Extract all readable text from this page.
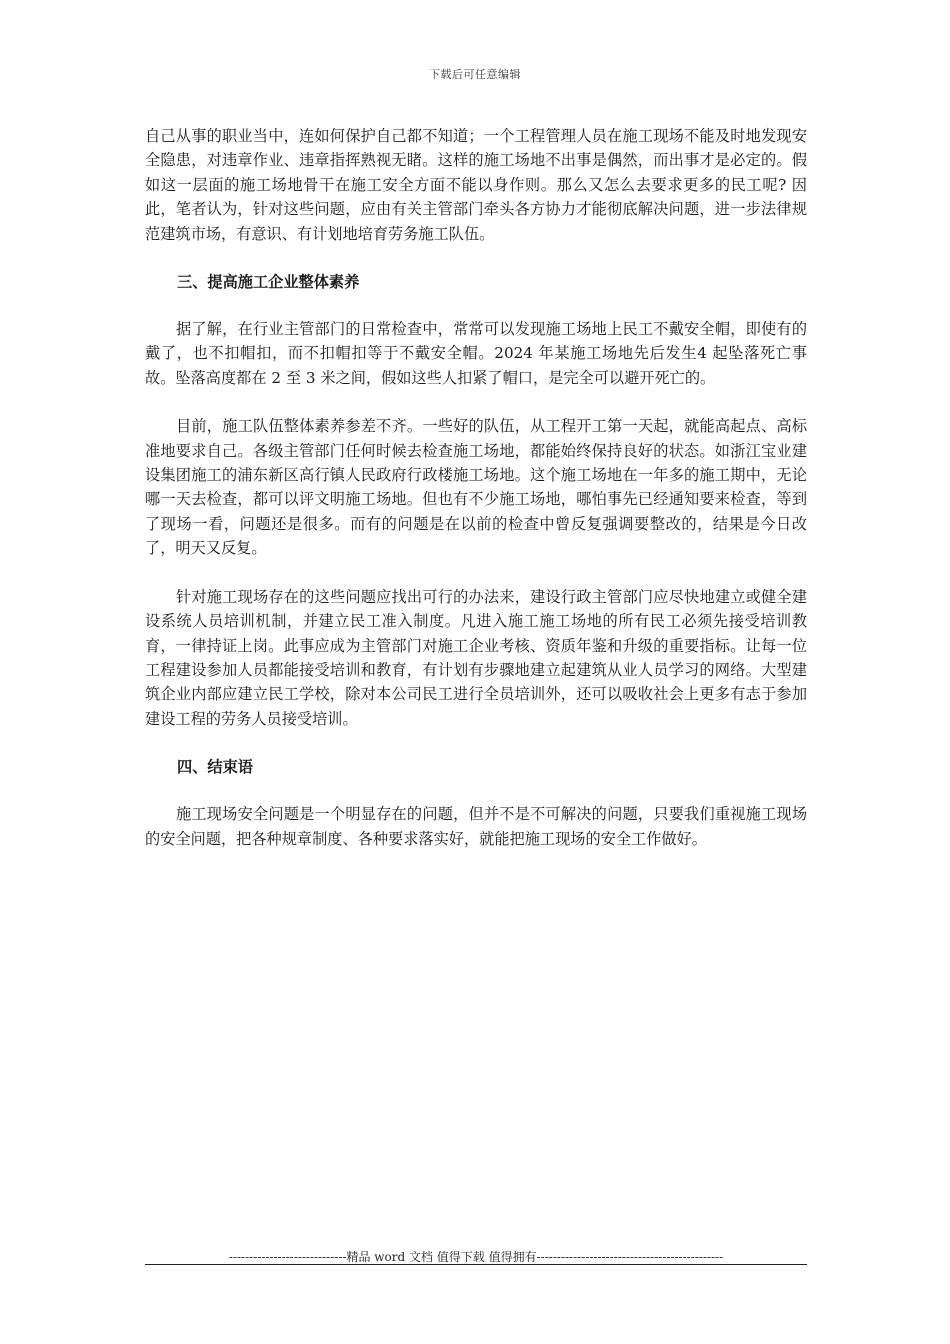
下载后可任意编辑

自己从事的职业当中，连如何保护自己都不知道；一个工程管理人员在施工现场不能及时地发现安全隐患，对违章作业、违章指挥熟视无睹。这样的施工场地不出事是偶然，而出事才是必定的。假如这一层面的施工场地骨干在施工安全方面不能以身作则。那么又怎么去要求更多的民工呢? 因此，笔者认为，针对这些问题，应由有关主管部门牵头各方协力才能彻底解决问题，进一步法律规范建筑市场，有意识、有计划地培育劳务施工队伍。

三、提高施工企业整体素养

据了解，在行业主管部门的日常检查中，常常可以发现施工场地上民工不戴安全帽，即使有的戴了，也不扣帽扣，而不扣帽扣等于不戴安全帽。2024 年某施工场地先后发生4 起坠落死亡事故。坠落高度都在 2 至 3 米之间，假如这些人扣紧了帽口，是完全可以避开死亡的。

目前，施工队伍整体素养参差不齐。一些好的队伍，从工程开工第一天起，就能高起点、高标准地要求自己。各级主管部门任何时候去检查施工场地，都能始终保持良好的状态。如浙江宝业建设集团施工的浦东新区高行镇人民政府行政楼施工场地。这个施工场地在一年多的施工期中，无论哪一天去检查，都可以评文明施工场地。但也有不少施工场地，哪怕事先已经通知要来检查，等到了现场一看，问题还是很多。而有的问题是在以前的检查中曾反复强调要整改的，结果是今日改了，明天又反复。

针对施工现场存在的这些问题应找出可行的办法来，建设行政主管部门应尽快地建立或健全建设系统人员培训机制，并建立民工准入制度。凡进入施工施工场地的所有民工必须先接受培训教育，一律持证上岗。此事应成为主管部门对施工企业考核、资质年鉴和升级的重要指标。让每一位工程建设参加人员都能接受培训和教育，有计划有步骤地建立起建筑从业人员学习的网络。大型建筑企业内部应建立民工学校，除对本公司民工进行全员培训外，还可以吸收社会上更多有志于参加建设工程的劳务人员接受培训。

四、结束语

施工现场安全问题是一个明显存在的问题，但并不是不可解决的问题，只要我们重视施工现场的安全问题，把各种规章制度、各种要求落实好，就能把施工现场的安全工作做好。

-----------------------------精品 word 文档 值得下载 值得拥有----------------------------------------------
